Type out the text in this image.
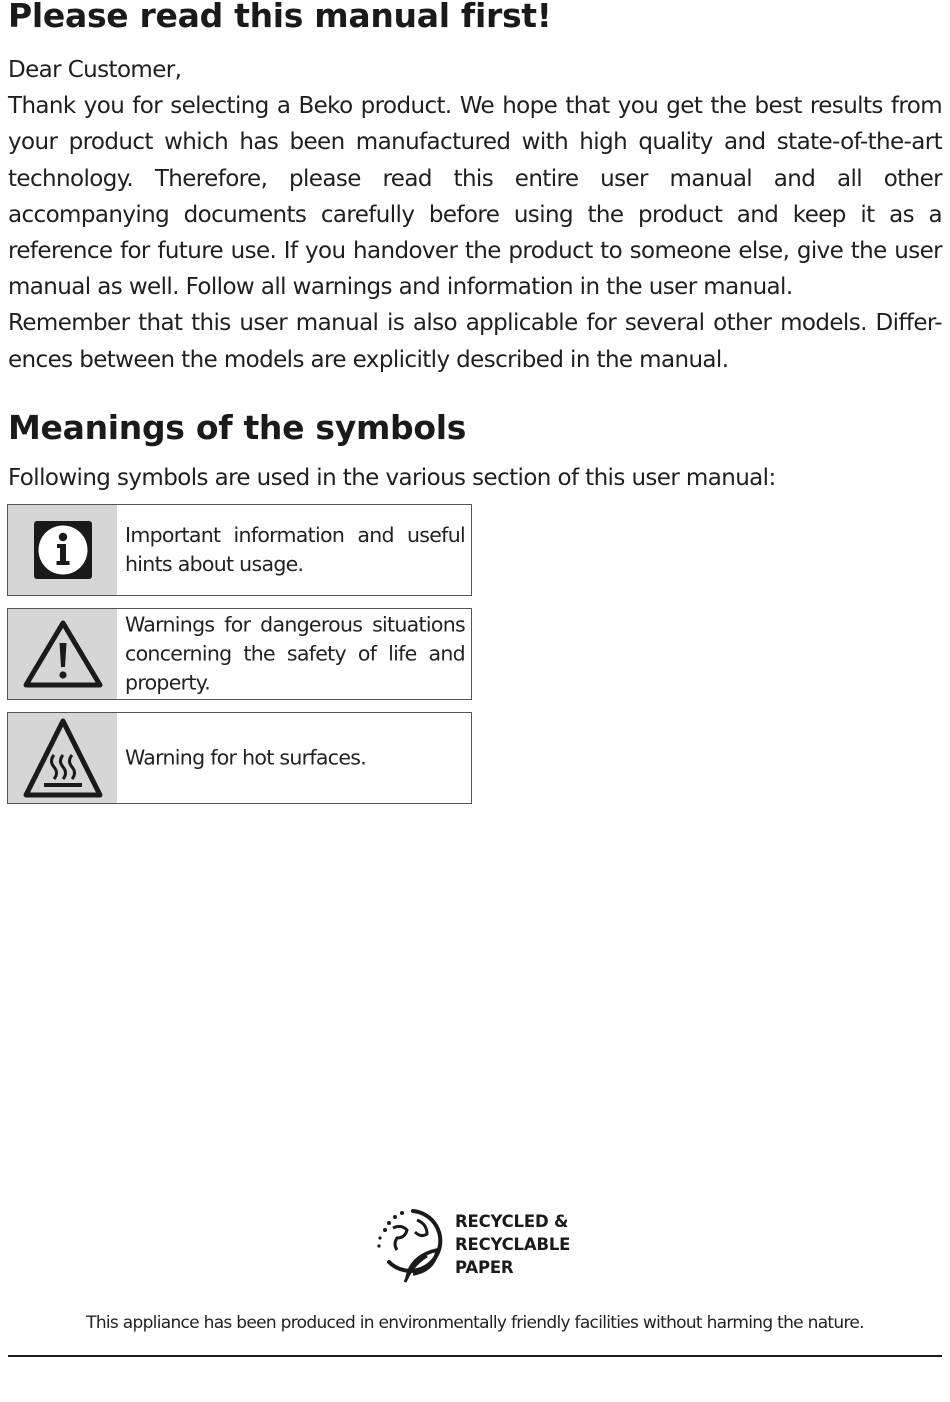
Please read this manual first!

Dear Customer,

Thank you for selecting a Beko product. We hope that you get the best results from your product which has been manufactured with high quality and state-of-the-art technology. Therefore, please read this entire user manual and all other accompanying documents carefully before using the product and keep it as a reference for future use. If you handover the product to someone else, give the user manual as well. Follow all warnings and information in the user manual.

Remember that this user manual is also applicable for several other models. Differ-ences between the models are explicitly described in the manual.

Meanings of the symbols

Following symbols are used in the various section of this user manual:

Important information and useful hints about usage.
Warnings for dangerous situations concerning the safety of life and property.
Warning for hot surfaces.
RECYCLED &
RECYCLABLE
PAPER
This appliance has been produced in environmentally friendly facilities without harming the nature.
